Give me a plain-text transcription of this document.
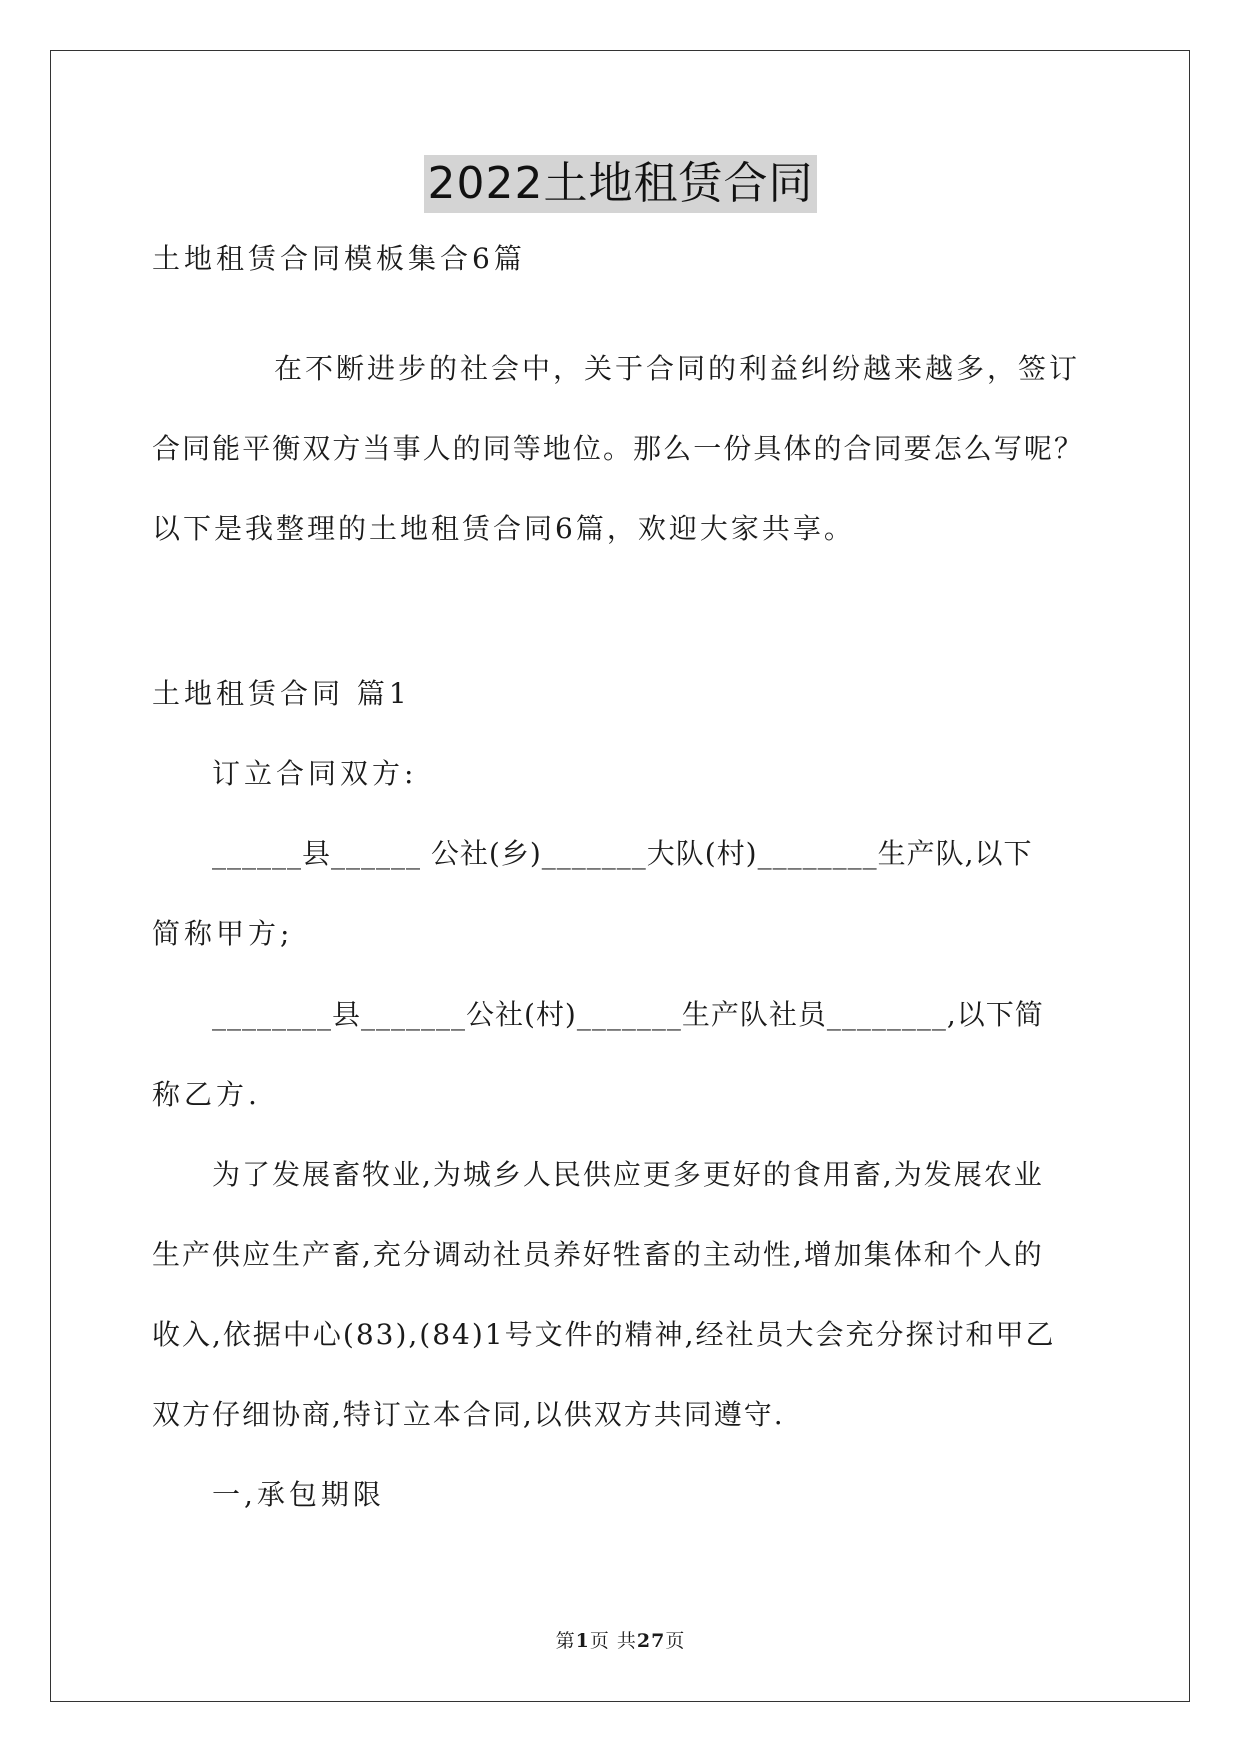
2022土地租赁合同
土地租赁合同模板集合6篇
在不断进步的社会中，关于合同的利益纠纷越来越多，签订
合同能平衡双方当事人的同等地位。那么一份具体的合同要怎么写呢？
以下是我整理的土地租赁合同6篇，欢迎大家共享。
土地租赁合同 篇1
订立合同双方:
______县______ 公社(乡)_______大队(村)________生产队,以下
简称甲方;
________县_______公社(村)_______生产队社员________,以下简
称乙方.
为了发展畜牧业,为城乡人民供应更多更好的食用畜,为发展农业
生产供应生产畜,充分调动社员养好牲畜的主动性,增加集体和个人的
收入,依据中心(83),(84)1号文件的精神,经社员大会充分探讨和甲乙
双方仔细协商,特订立本合同,以供双方共同遵守.
一,承包期限
第1页 共27页
